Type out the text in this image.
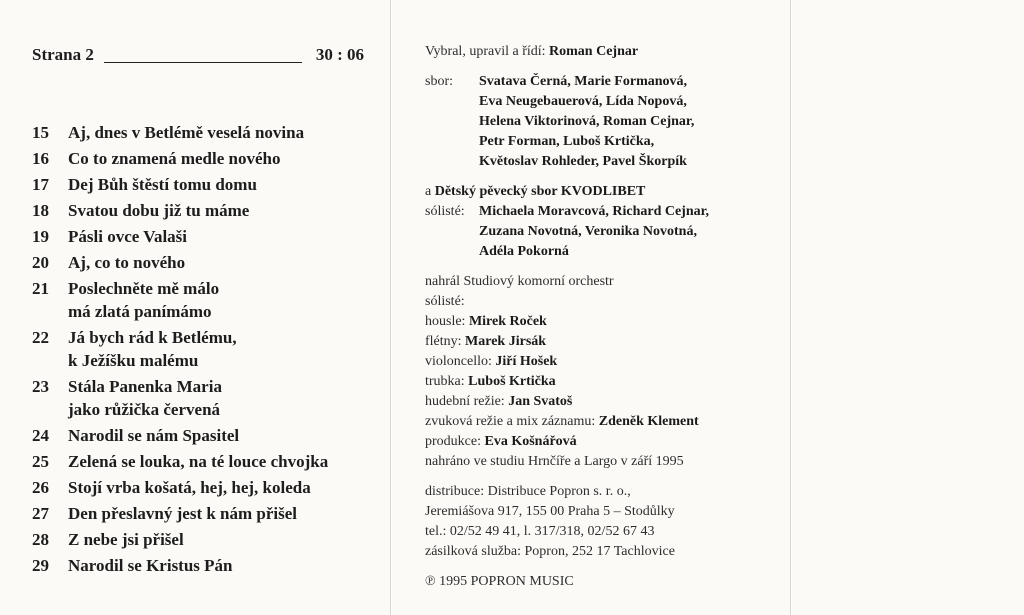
Strana 2	30 : 06
15 Aj, dnes v Betlémě veselá novina
16 Co to znamená medle nového
17 Dej Bůh štěstí tomu domu
18 Svatou dobu již tu máme
19 Pásli ovce Valaši
20 Aj, co to nového
21 Poslechněte mě málo
má zlatá panímámo
22 Já bych rád k Betlému,
k Ježíšku malému
23 Stála Panenka Maria
jako růžička červená
24 Narodil se nám Spasitel
25 Zelená se louka, na té louce chvojka
26 Stojí vrba košatá, hej, hej, koleda
27 Den přeslavný jest k nám přišel
28 Z nebe jsi přišel
29 Narodil se Kristus Pán
Vybral, upravil a řídí: Roman Cejnar
sbor: Svatava Černá, Marie Formanová,
Eva Neugebauerová, Lída Nopová,
Helena Viktorinová, Roman Cejnar,
Petr Forman, Luboš Krtička,
Květoslav Rohleder, Pavel Škorpík
a Dětský pěvecký sbor KVODLIBET
sólisté: Michaela Moravcová, Richard Cejnar,
Zuzana Novotná, Veronika Novotná,
Adéla Pokorná
nahrál Studiový komorní orchestr
sólisté:
housle: Mirek Roček
flétny: Marek Jirsák
violoncello: Jiří Hošek
trubka: Luboš Krtička
hudební režie: Jan Svatoš
zvuková režie a mix záznamu: Zdeněk Klement
produkce: Eva Košnářová
nahráno ve studiu Hrnčíře a Largo v září 1995
distribuce: Distribuce Popron s. r. o.,
Jeremiášova 917, 155 00 Praha 5 – Stodůlky
tel.: 02/52 49 41, l. 317/318, 02/52 67 43
zásilková služba: Popron, 252 17 Tachlovice
℗ 1995 POPRON MUSIC
